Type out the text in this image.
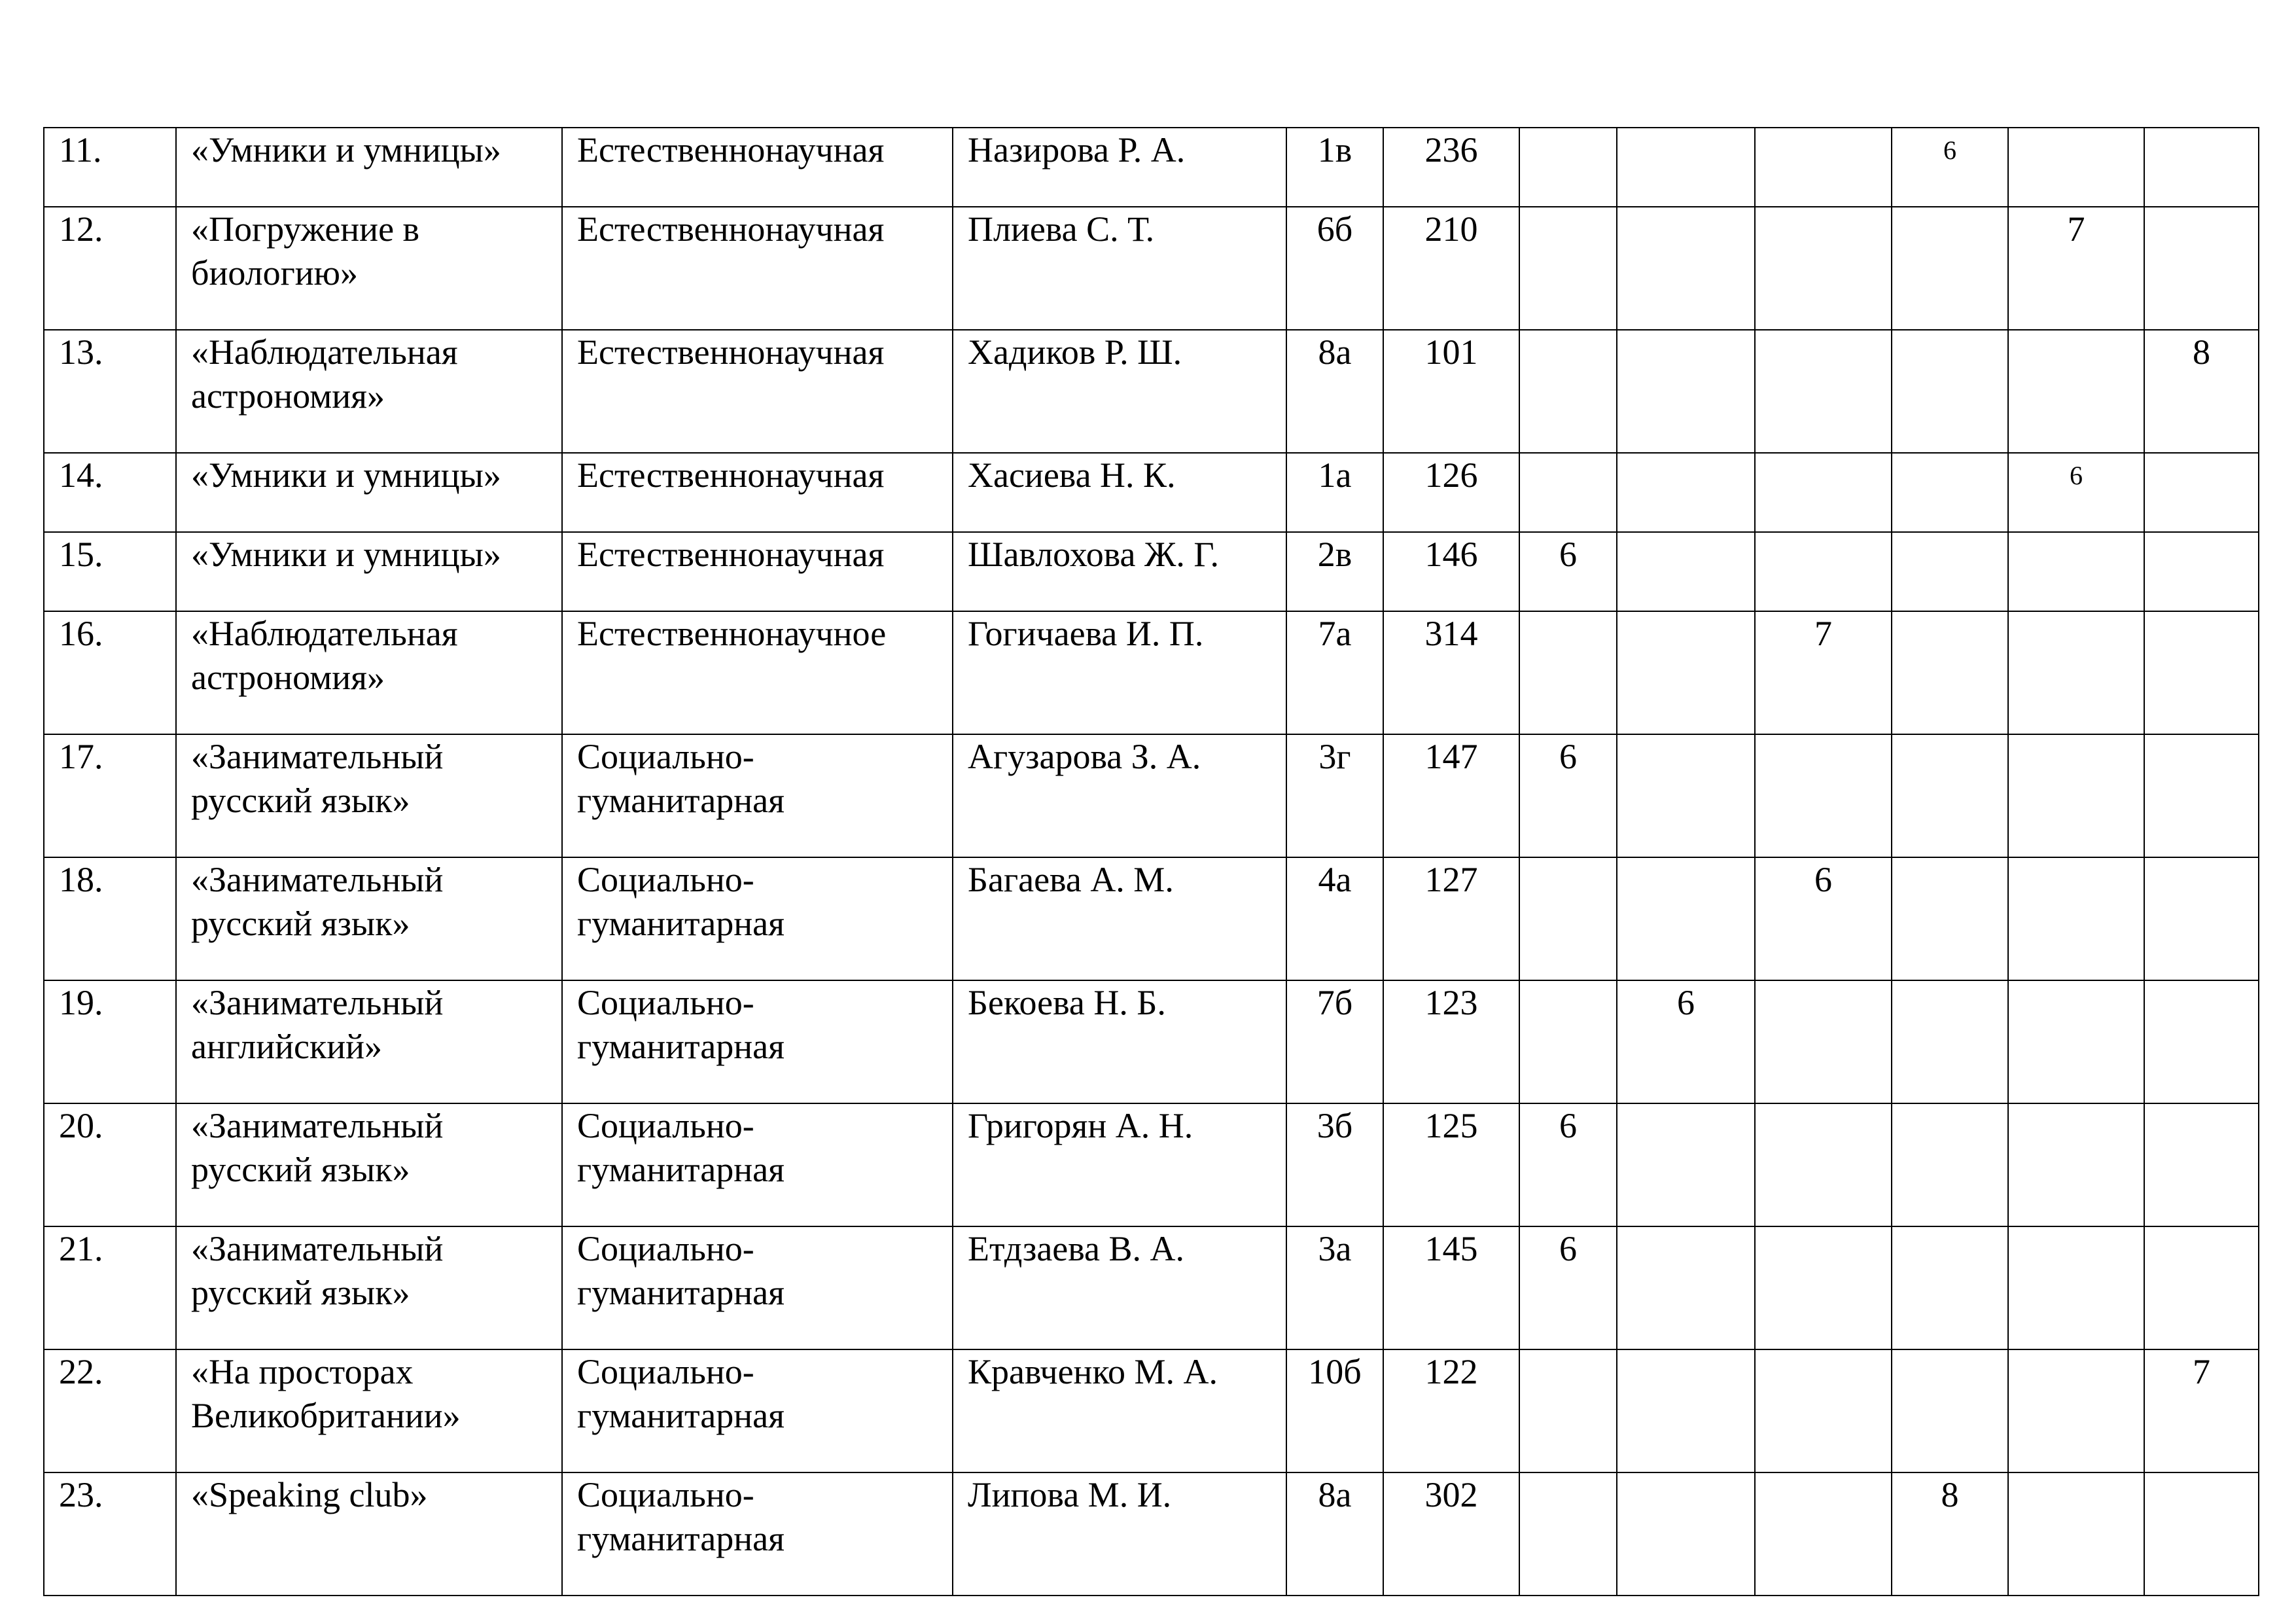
11.	«Умники и умницы»	Естественнонаучная	Назирова Р. А.	1в	236				6		
12.	«Погружение в
биологию»	Естественнонаучная	Плиева С. Т.	6б	210					7	
13.	«Наблюдательная
астрономия»	Естественнонаучная	Хадиков Р. Ш.	8а	101						8
14.	«Умники и умницы»	Естественнонаучная	Хасиева Н. К.	1а	126					6	
15.	«Умники и умницы»	Естественнонаучная	Шавлохова Ж. Г.	2в	146	6					
16.	«Наблюдательная
астрономия»	Естественнонаучное	Гогичаева И. П.	7а	314			7			
17.	«Занимательный
русский язык»	Социально-
гуманитарная	Агузарова З. А.	3г	147	6					
18.	«Занимательный
русский язык»	Социально-
гуманитарная	Багаева А. М.	4а	127			6			
19.	«Занимательный
английский»	Социально-
гуманитарная	Бекоева Н. Б.	7б	123		6				
20.	«Занимательный
русский язык»	Социально-
гуманитарная	Григорян А. Н.	3б	125	6					
21.	«Занимательный
русский язык»	Социально-
гуманитарная	Етдзаева В. А.	3а	145	6					
22.	«На просторах
Великобритании»	Социально-
гуманитарная	Кравченко М. А.	10б	122						7
23.	«Speaking club»	Социально-
гуманитарная	Липова М. И.	8а	302				8		
